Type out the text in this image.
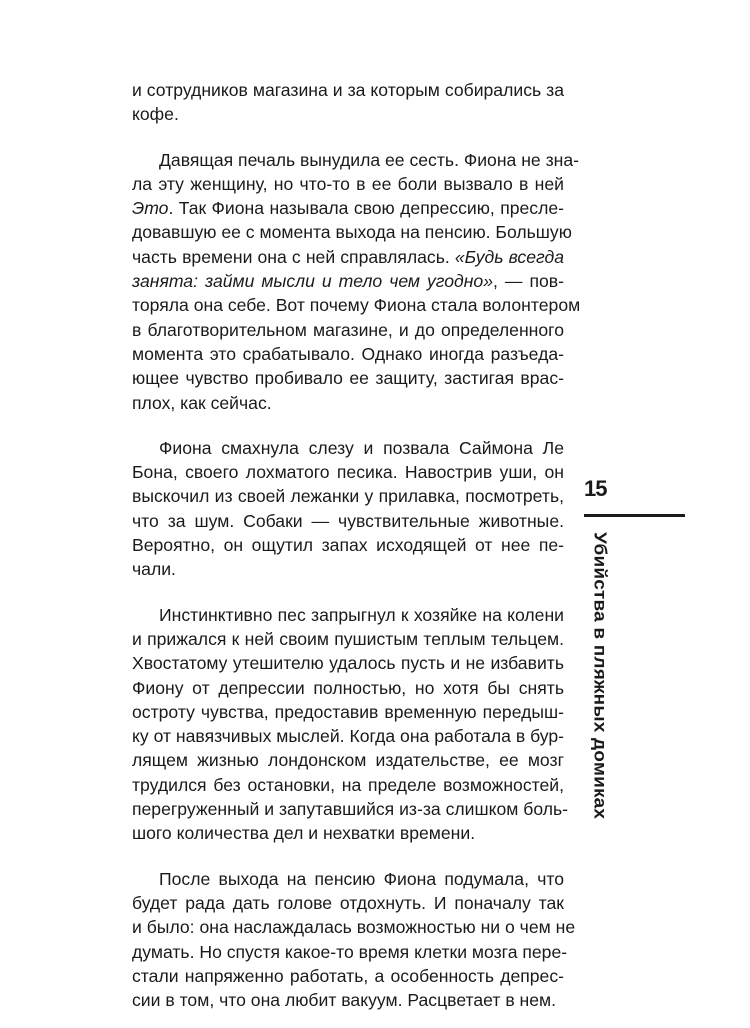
и сотрудников магазина и за которым собирались за
кофе.

Давящая печаль вынудила ее сесть. Фиона не зна-
ла эту женщину, но что-то в ее боли вызвало в ней
Это. Так Фиона называла свою депрессию, пресле-
довавшую ее с момента выхода на пенсию. Большую
часть времени она с ней справлялась. «Будь всегда
занята: займи мысли и тело чем угодно», — пов-
торяла она себе. Вот почему Фиона стала волонтером
в благотворительном магазине, и до определенного
момента это срабатывало. Однако иногда разъеда-
ющее чувство пробивало ее защиту, застигая врас-
плох, как сейчас.

Фиона смахнула слезу и позвала Саймона Ле
Бона, своего лохматого песика. Навострив уши, он
выскочил из своей лежанки у прилавка, посмотреть,
что за шум. Собаки — чувствительные животные.
Вероятно, он ощутил запах исходящей от нее пе-
чали.

Инстинктивно пес запрыгнул к хозяйке на колени
и прижался к ней своим пушистым теплым тельцем.
Хвостатому утешителю удалось пусть и не избавить
Фиону от депрессии полностью, но хотя бы снять
остроту чувства, предоставив временную передыш-
ку от навязчивых мыслей. Когда она работала в бур-
лящем жизнью лондонском издательстве, ее мозг
трудился без остановки, на пределе возможностей,
перегруженный и запутавшийся из-за слишком боль-
шого количества дел и нехватки времени.

После выхода на пенсию Фиона подумала, что
будет рада дать голове отдохнуть. И поначалу так
и было: она наслаждалась возможностью ни о чем не
думать. Но спустя какое-то время клетки мозга пере-
стали напряженно работать, а особенность депрес-
сии в том, что она любит вакуум. Расцветает в нем.

15
Убийства в пляжных домиках
